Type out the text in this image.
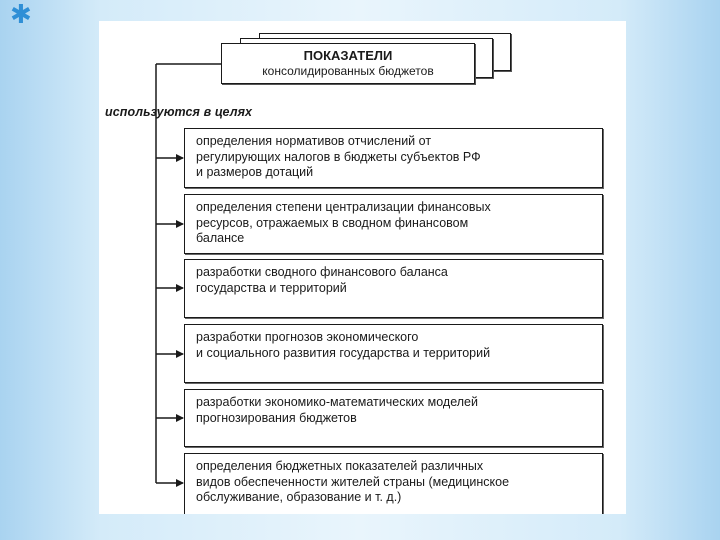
✱
ПОКАЗАТЕЛИ
консолидированных бюджетов
используются в целях
определения нормативов отчислений от
регулирующих налогов в бюджеты субъектов РФ
и размеров дотаций
определения степени централизации финансовых
ресурсов, отражаемых в сводном финансовом
балансе
разработки сводного финансового баланса
государства и территорий
разработки прогнозов экономического
и социального развития государства и территорий
разработки экономико-математических моделей
прогнозирования бюджетов
определения бюджетных показателей различных
видов обеспеченности жителей страны (медицинское
обслуживание, образование и т. д.)
